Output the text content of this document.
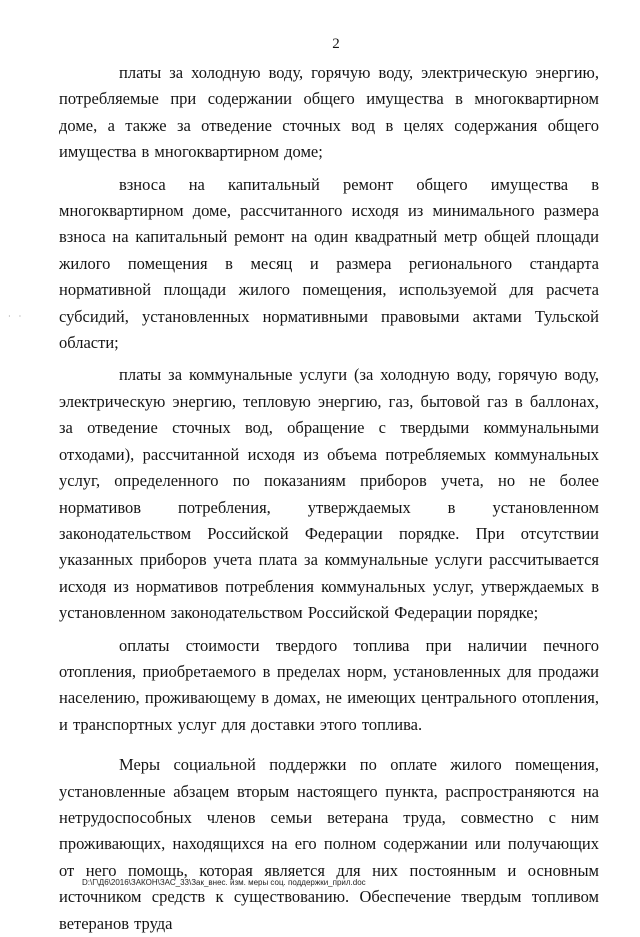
2
· ·

платы за холодную воду, горячую воду, электрическую энергию, потребляемые при содержании общего имущества в многоквартирном доме, а также за отведение сточных вод в целях содержания общего имущества в многоквартирном доме;

взноса на капитальный ремонт общего имущества в многоквартирном доме, рассчитанного исходя из минимального размера взноса на капитальный ремонт на один квадратный метр общей площади жилого помещения в месяц и размера регионального стандарта нормативной площади жилого помещения, используемой для расчета субсидий, установленных нормативными правовыми актами Тульской области;

платы за коммунальные услуги (за холодную воду, горячую воду, электрическую энергию, тепловую энергию, газ, бытовой газ в баллонах, за отведение сточных вод, обращение с твердыми коммунальными отходами), рассчитанной исходя из объема потребляемых коммунальных услуг, определенного по показаниям приборов учета, но не более нормативов потребления, утверждаемых в установленном законодательством Российской Федерации порядке. При отсутствии указанных приборов учета плата за коммунальные услуги рассчитывается исходя из нормативов потребления коммунальных услуг, утверждаемых в установленном законодательством Российской Федерации порядке;

оплаты стоимости твердого топлива при наличии печного отопления, приобретаемого в пределах норм, установленных для продажи населению, проживающему в домах, не имеющих центрального отопления, и транспортных услуг для доставки этого топлива.

Меры социальной поддержки по оплате жилого помещения, установленные абзацем вторым настоящего пункта, распространяются на нетрудоспособных членов семьи ветерана труда, совместно с ним проживающих, находящихся на его полном содержании или получающих от него помощь, которая является для них постоянным и основным источником средств к существованию. Обеспечение твердым топливом ветеранов труда

D:\Г\Д6\2016\ЗАКОН\ЗАС_33\Зак_внес. изм. меры соц. поддержки_прил.doc
